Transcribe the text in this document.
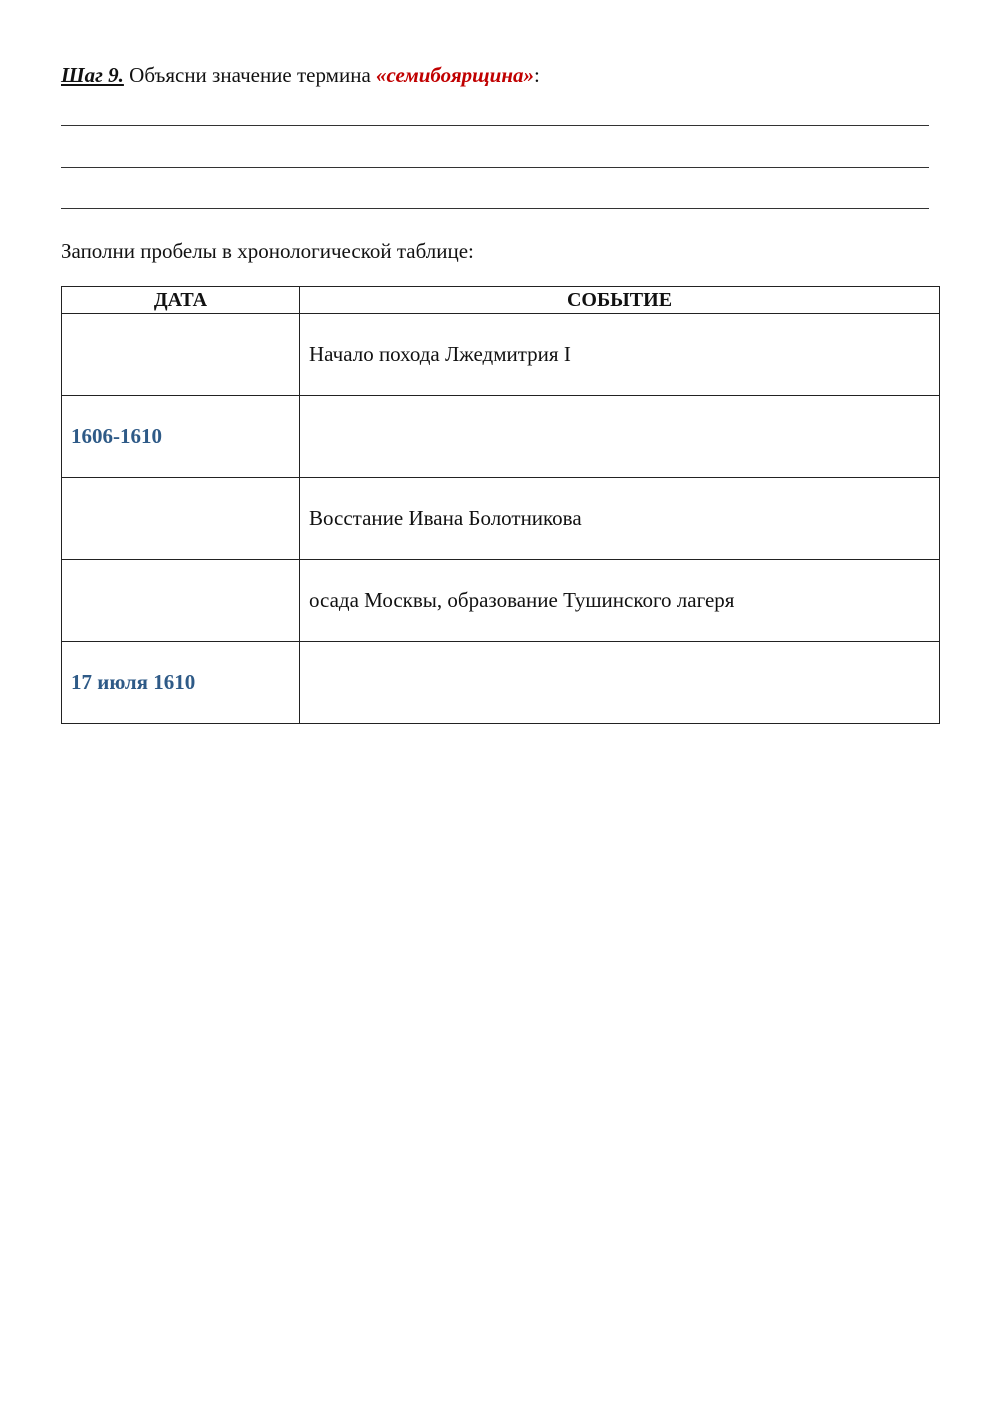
Шаг 9. Объясни значение термина «семибоярщина»:
Заполни пробелы в хронологической таблице:
ДАТА	СОБЫТИЕ
	Начало похода Лжедмитрия I
1606-1610	
	Восстание Ивана Болотникова
	осада Москвы, образование Тушинского лагеря
17 июля 1610	
